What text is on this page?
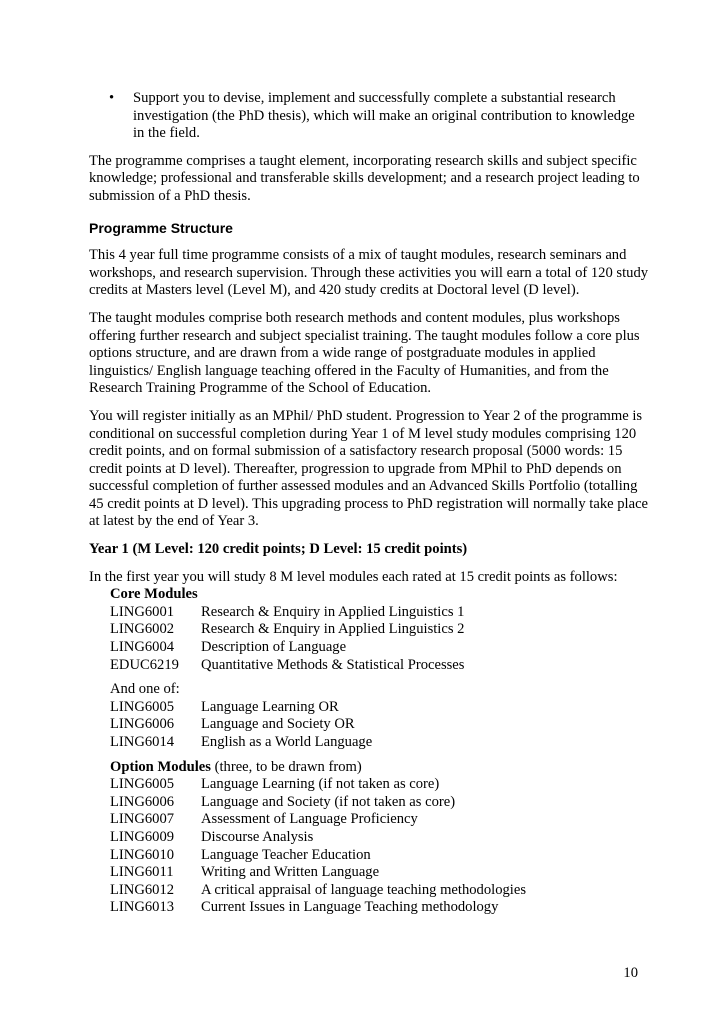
•	Support you to devise, implement and successfully complete a substantial research investigation (the PhD thesis), which will make an original contribution to knowledge in the field.

The programme comprises a taught element, incorporating research skills and subject specific knowledge; professional and transferable skills development; and a research project leading to submission of a PhD thesis.

Programme Structure

This 4 year full time programme consists of a mix of taught modules, research seminars and workshops, and research supervision. Through these activities you will earn a total of 120 study credits at Masters level (Level M), and 420 study credits at Doctoral level (D level).

The taught modules comprise both research methods and content modules, plus workshops offering further research and subject specialist training. The taught modules follow a core plus options structure, and are drawn from a wide range of postgraduate modules in applied linguistics/ English language teaching offered in the Faculty of Humanities, and from the Research Training Programme of the School of Education.

You will register initially as an MPhil/ PhD student. Progression to Year 2 of the programme is conditional on successful completion during Year 1 of M level study modules comprising 120 credit points, and on formal submission of a satisfactory research proposal (5000 words: 15 credit points at D level). Thereafter, progression to upgrade from MPhil to PhD depends on successful completion of further assessed modules and an Advanced Skills Portfolio (totalling 45 credit points at D level). This upgrading process to PhD registration will normally take place at latest by the end of Year 3.

Year 1 (M Level: 120 credit points; D Level: 15 credit points)

In the first year you will study 8 M level modules each rated at 15 credit points as follows:

Core Modules
LING6001	Research & Enquiry in Applied Linguistics 1
LING6002	Research & Enquiry in Applied Linguistics 2
LING6004	Description of Language
EDUC6219	Quantitative Methods & Statistical Processes
And one of:
LING6005	Language Learning OR
LING6006	Language and Society OR
LING6014	English as a World Language
Option Modules (three, to be drawn from)
LING6005	Language Learning (if not taken as core)
LING6006	Language and Society (if not taken as core)
LING6007	Assessment of Language Proficiency
LING6009	Discourse Analysis
LING6010	Language Teacher Education
LING6011	Writing and Written Language
LING6012	A critical appraisal of language teaching methodologies
LING6013	Current Issues in Language Teaching methodology
10
